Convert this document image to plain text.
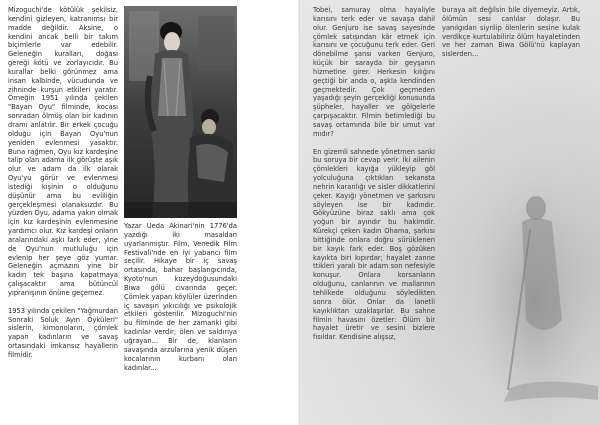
Mizoguchi'de kötülük şekilsiz, kendini gizleyen, katranımsı bir madde değildir. Aksine, o kendini ancak belli bir takım biçimlerle var edebilir. Geleneğin kuralları, doğası gereği kötü ve zorlayıcıdır. Bu kurallar belki görünmez ama insan kalbinde, vücudunda ve zihninde kurşun etkileri yaratır. Örneğin 1951 yılında çekilen "Bayan Oyu" filminde, kocası sonradan ölmüş olan bir kadının dramı anlatılır. Bir erkek çocuğu olduğu için Bayan Oyu'nun yeniden evlenmesi yasaktır. Buna rağmen, Oyu kız kardeşine talip olan adama ilk görüşte aşık olur ve adam da ilk olarak Oyu'yu görür ve evlenmesi istediği kişinin o olduğunu düşünür ama bu evliliğin gerçekleşmesi olanaksızdır. Bu yüzden Oyu, adama yakın olmak için kız kardeşinin evlenmesine yardımcı olur. Kız kardeşi onların aralarındaki aşkı fark eder, yine de Oyu'nun mutluluğu için evlenip her şeye göz yumar. Geleneğin açmazını yine bir kadın tek başına kapatmaya çalışacaktır ama bütüncül yıpranışının önüne geçemez.

1953 yılında çekilen "Yağmurdan Sonraki Soluk Ayın Öyküleri" sislerin, kimonoların, çömlek yapan kadınların ve savaş ortasındaki imkansız hayallerin filmidir.

Yazar Ueda Akinari'nin 1776'da yazdığı iki masaldan uyarlanmıştır. Film, Venedik Film Festivali'nde en iyi yabancı film seçilir. Hikaye bir iç savaş ortasında, bahar başlangıcında, Kyoto'nun kuzeydoğusundaki Biwa gölü civarında geçer. Çömlek yapan köylüler üzerinden iç savaşın yıkıcılığı ve psikolojik etkileri gösterilir. Mizoguchi'nin bu filminde de her zamanki gibi kadınlar verdir; ölen ve saldırıya uğrayan... Bir de, klanların savaşında arzularına yenik düşen kocalarının kurbanı olan kadınlar...

Tobei, samuray olma hayaliyle karısını terk eder ve savaşa dahil olur. Genjuro ise savaş sayesinde çömlek satışından kâr etmek için karısını ve çocuğunu terk eder. Geri dönebilme şansı varken Genjuro, küçük bir sarayda bir geyşanın hizmetine girer. Herkesin kılığını geçtiği bir anda o, aşkla kendinden geçmektedir. Çok geçmeden yaşadığı şeyin gerçekliği konusunda şüpheler, hayaller ve gölgelerle çarpışacaktır. Filmin betimlediği bu savaş ortamında bile bir umut var mıdır?

En gizemli sahnede yönetmen sanki bu soruya bir cevap verir. İki ailenin çömlekleri kayığa yükleyip göl yolculuğuna çıktıkları sekansta nehrin karanlığı ve sisler dikkatlerini çeker. Kayığı yönetmen ve şarkısını söyleyen ise bir kadındır. Gökyüzüne biraz saklı ama çok yoğun bir ayındır bu hakimdir. Kürekçi çeken kadın Ohama, şarkısı bittiğinde onlara doğru sürüklenen bir kayık fark eder. Boş gözüken kayıkta biri kıpırdar; hayalet zanne ttikleri yaralı bir adam son nefesiyle konuşur. Onlara korsanların olduğunu, canlarının ve mallarının tehlikede olduğunu söyledikten sonra ölür. Onlar da lanetli kayıklıktan uzaklaşırlar. Bu sahne filmin havasını özetler: Ölüm bir hayalet üretir ve sesini bizlere fısıldar. Kendisine alışsız,

buraya ait değilsin bile diyemeyiz. Artık, ölümün sesi canlılar dolaşır. Bu yanılgıdan siyrilip ölenlerin sesine kulak verdikçe kurtulabiliriz ölüm hayaletinden ve her zaman Biwa Gölü'nü kaplayan sislerden...
